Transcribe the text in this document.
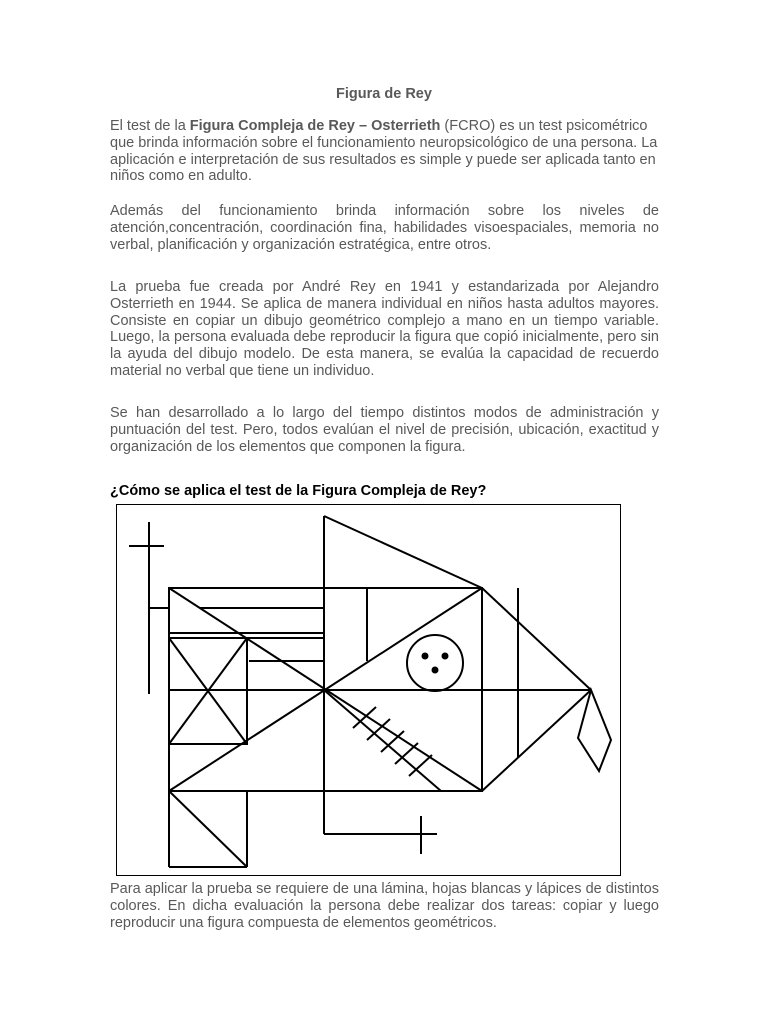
Figura de Rey

El test de la Figura Compleja de Rey – Osterrieth (FCRO) es un test psicométrico que brinda información sobre el funcionamiento neuropsicológico de una persona. La aplicación e interpretación de sus resultados es simple y puede ser aplicada tanto en niños como en adulto.

Además del funcionamiento brinda información sobre los niveles de atención,concentración, coordinación fina, habilidades visoespaciales, memoria no verbal, planificación y organización estratégica, entre otros.

La prueba fue creada por André Rey en 1941 y estandarizada por Alejandro Osterrieth en 1944. Se aplica de manera individual en niños hasta adultos mayores. Consiste en copiar un dibujo geométrico complejo a mano en un tiempo variable. Luego, la persona evaluada debe reproducir la figura que copió inicialmente, pero sin la ayuda del dibujo modelo. De esta manera, se evalúa la capacidad de recuerdo material no verbal que tiene un individuo.

Se han desarrollado a lo largo del tiempo distintos modos de administración y puntuación del test. Pero, todos evalúan el nivel de precisión, ubicación, exactitud y organización de los elementos que componen la figura.

¿Cómo se aplica el test de la Figura Compleja de Rey?

Para aplicar la prueba se requiere de una lámina, hojas blancas y lápices de distintos colores. En dicha evaluación la persona debe realizar dos tareas: copiar y luego reproducir una figura compuesta de elementos geométricos.
